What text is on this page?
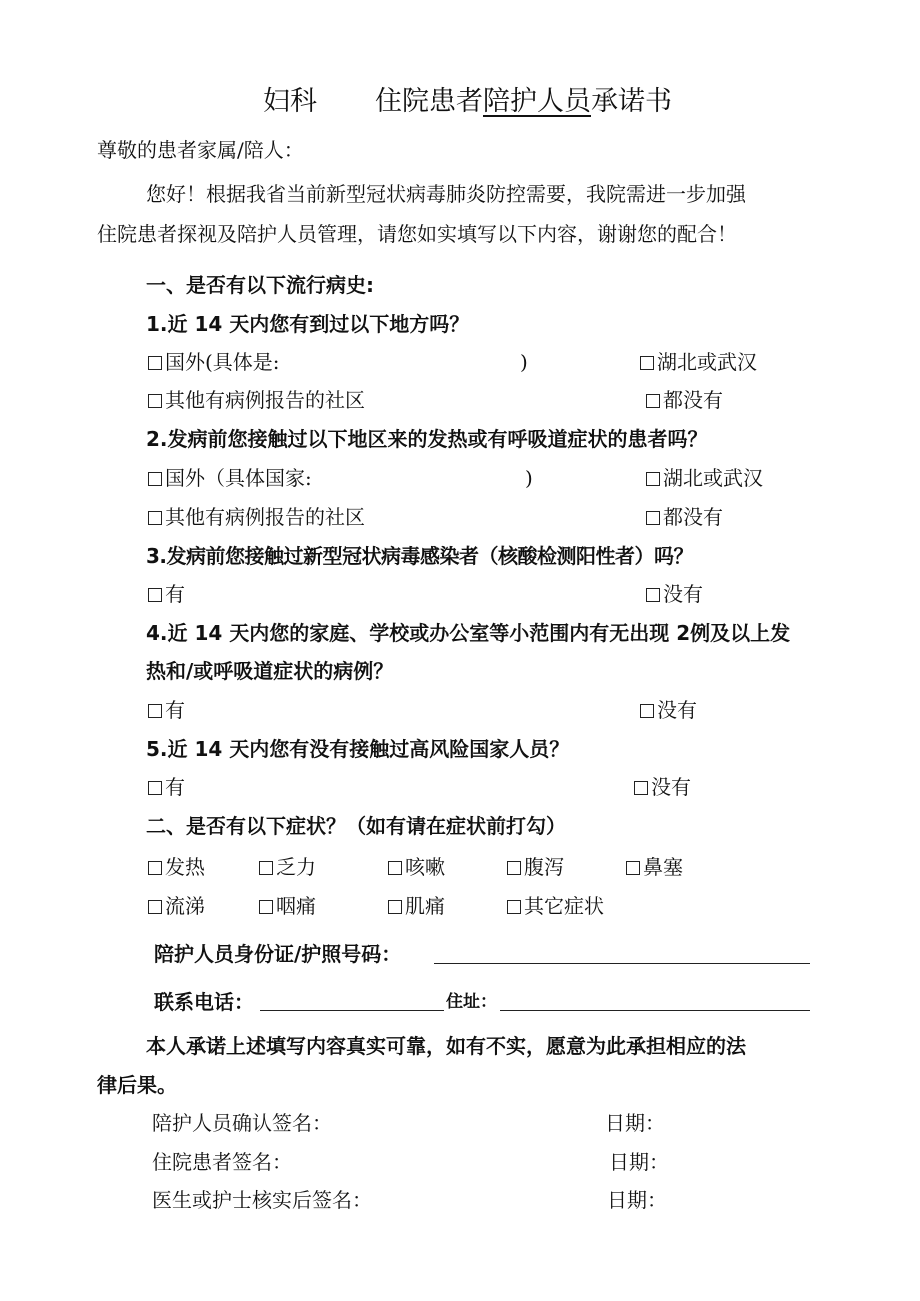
妇科 住院患者陪护人员承诺书
尊敬的患者家属/陪人：
您好！根据我省当前新型冠状病毒肺炎防控需要，我院需进一步加强
住院患者探视及陪护人员管理，请您如实填写以下内容，谢谢您的配合！
一、是否有以下流行病史:
1.近 14 天内您有到过以下地方吗？
国外(具体是:	)	湖北或武汉
其他有病例报告的社区	都没有
2.发病前您接触过以下地区来的发热或有呼吸道症状的患者吗？
国外（具体国家:	)	湖北或武汉
其他有病例报告的社区	都没有
3.发病前您接触过新型冠状病毒感染者（核酸检测阳性者）吗？
有	没有
4.近 14 天内您的家庭、学校或办公室等小范围内有无出现 2例及以上发
热和/或呼吸道症状的病例？
有	没有
5.近 14 天内您有没有接触过高风险国家人员？
有	没有
二、是否有以下症状？（如有请在症状前打勾）
发热	乏力	咳嗽	腹泻	鼻塞
流涕	咽痛	肌痛	其它症状
陪护人员身份证/护照号码：
联系电话：	住址：
本人承诺上述填写内容真实可靠，如有不实，愿意为此承担相应的法
律后果。
陪护人员确认签名：	日期：
住院患者签名：	日期：
医生或护士核实后签名：	日期：
